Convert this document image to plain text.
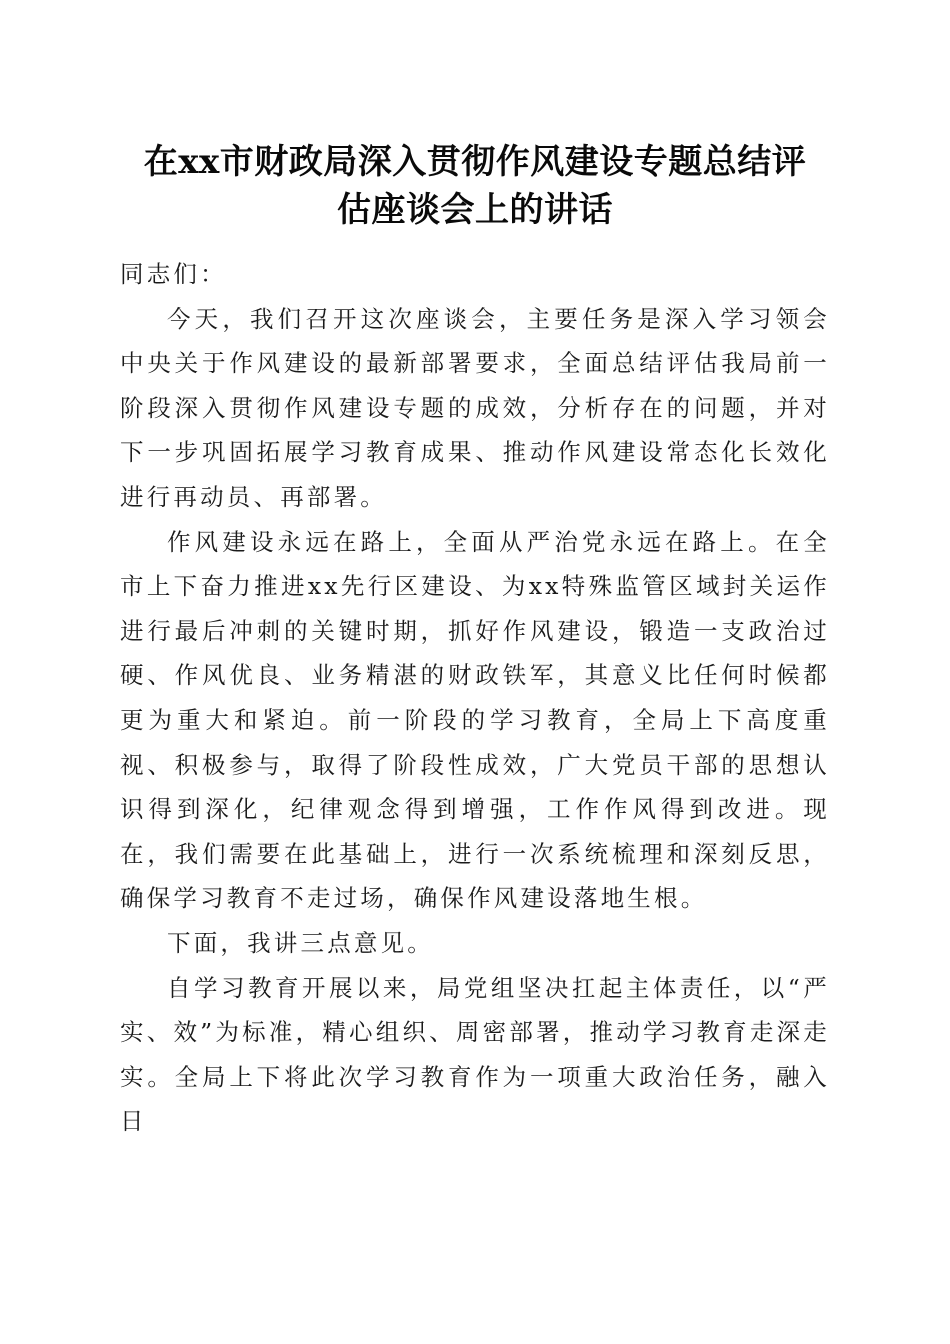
在xx市财政局深入贯彻作风建设专题总结评
估座谈会上的讲话

同志们：

今天，我们召开这次座谈会，主要任务是深入学习领会中央关于作风建设的最新部署要求，全面总结评估我局前一阶段深入贯彻作风建设专题的成效，分析存在的问题，并对下一步巩固拓展学习教育成果、推动作风建设常态化长效化进行再动员、再部署。

作风建设永远在路上，全面从严治党永远在路上。在全市上下奋力推进xx先行区建设、为xx特殊监管区域封关运作进行最后冲刺的关键时期，抓好作风建设，锻造一支政治过硬、作风优良、业务精湛的财政铁军，其意义比任何时候都更为重大和紧迫。前一阶段的学习教育，全局上下高度重视、积极参与，取得了阶段性成效，广大党员干部的思想认识得到深化，纪律观念得到增强，工作作风得到改进。现在，我们需要在此基础上，进行一次系统梳理和深刻反思，确保学习教育不走过场，确保作风建设落地生根。

下面，我讲三点意见。

自学习教育开展以来，局党组坚决扛起主体责任，以“严实、效”为标准，精心组织、周密部署，推动学习教育走深走实。全局上下将此次学习教育作为一项重大政治任务，融入日
